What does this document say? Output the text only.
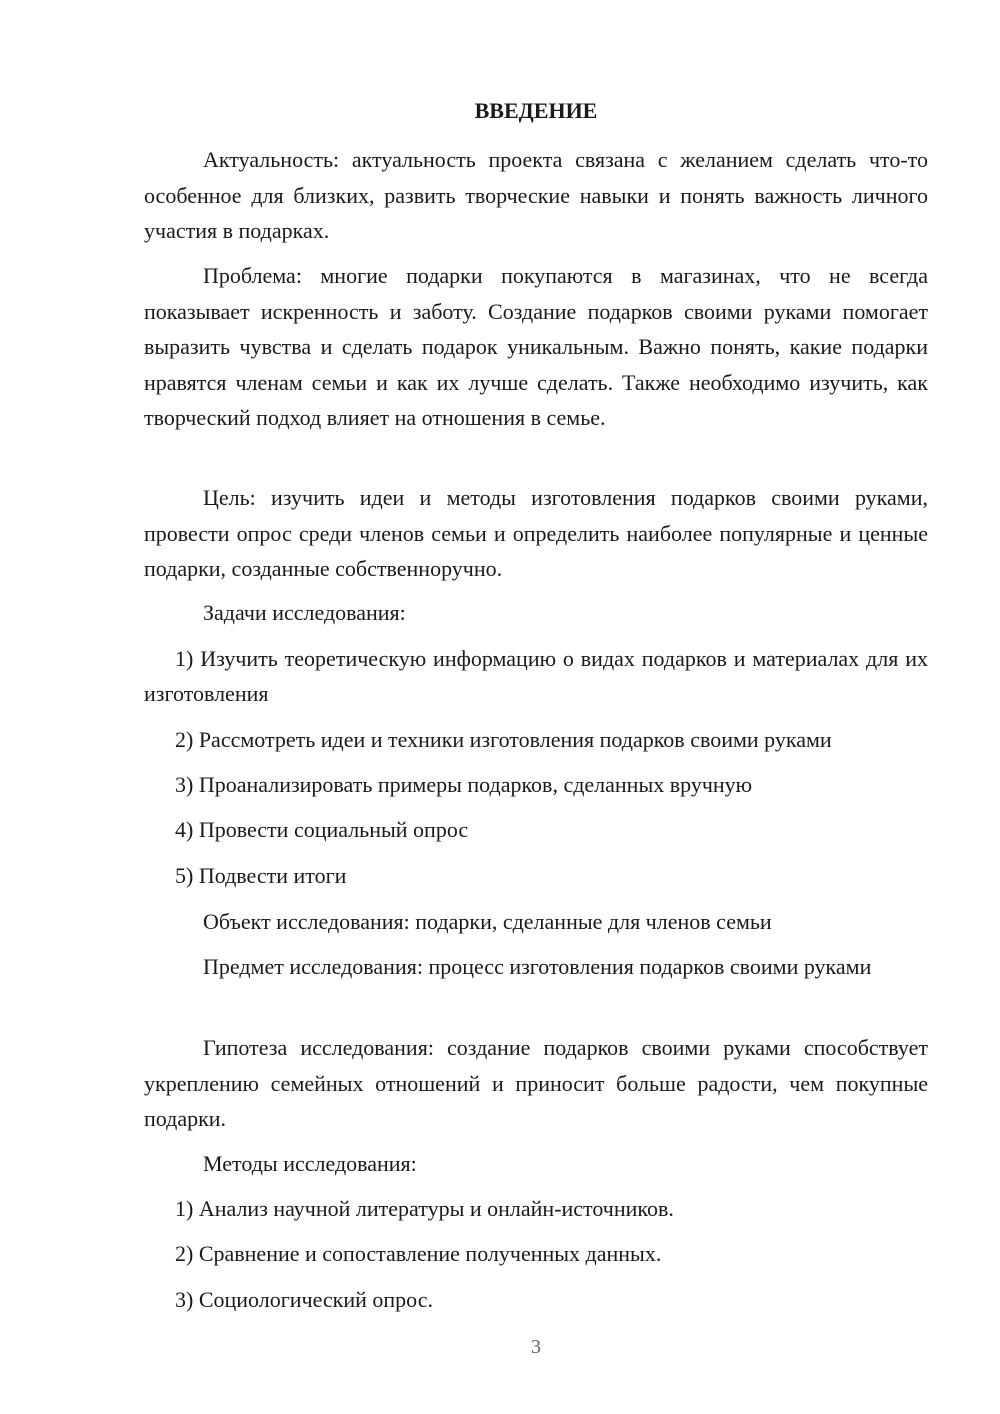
ВВЕДЕНИЕ

Актуальность: актуальность проекта связана с желанием сделать что-то особенное для близких, развить творческие навыки и понять важность личного участия в подарках.

Проблема: многие подарки покупаются в магазинах, что не всегда показывает искренность и заботу. Создание подарков своими руками помогает выразить чувства и сделать подарок уникальным. Важно понять, какие подарки нравятся членам семьи и как их лучше сделать. Также необходимо изучить, как творческий подход влияет на отношения в семье.

Цель: изучить идеи и методы изготовления подарков своими руками, провести опрос среди членов семьи и определить наиболее популярные и ценные подарки, созданные собственноручно.

Задачи исследования:

1) Изучить теоретическую информацию о видах подарков и материалах для их изготовления

2) Рассмотреть идеи и техники изготовления подарков своими руками

3) Проанализировать примеры подарков, сделанных вручную

4) Провести социальный опрос

5) Подвести итоги

Объект исследования: подарки, сделанные для членов семьи

Предмет исследования: процесс изготовления подарков своими руками

Гипотеза исследования: создание подарков своими руками способствует укреплению семейных отношений и приносит больше радости, чем покупные подарки.

Методы исследования:

1) Анализ научной литературы и онлайн-источников.

2) Сравнение и сопоставление полученных данных.

3) Социологический опрос.

3
